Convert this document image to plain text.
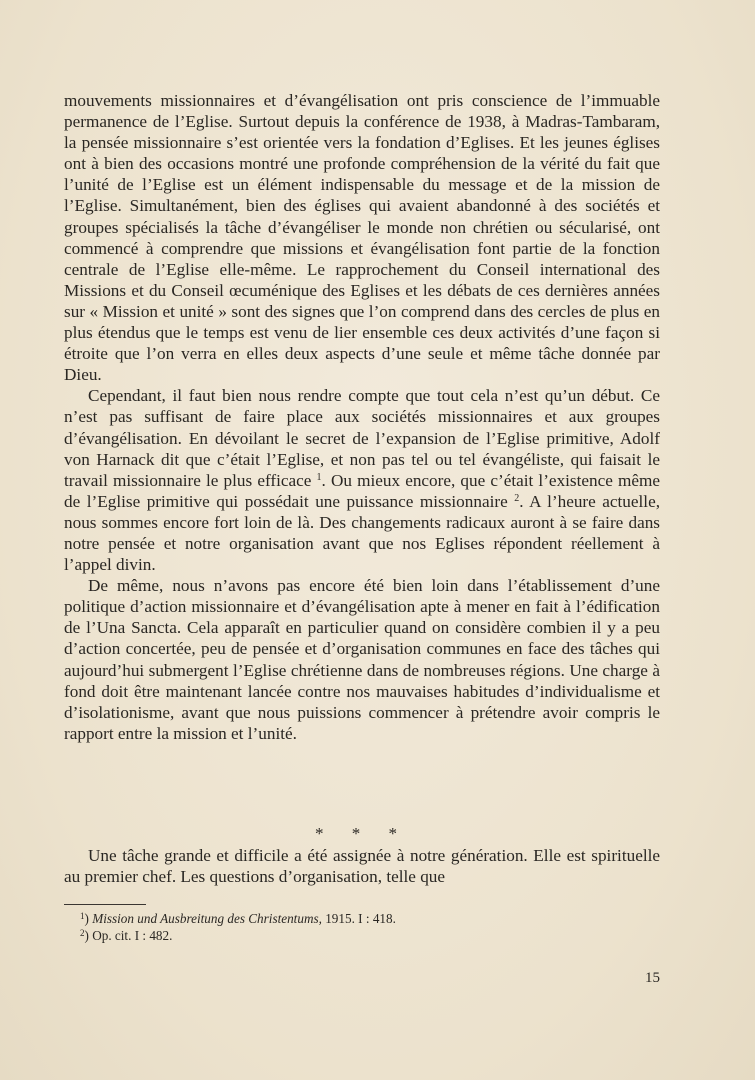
mouvements missionnaires et d’évangélisation ont pris conscience de l’immuable permanence de l’Eglise. Surtout depuis la conférence de 1938, à Madras-Tambaram, la pensée missionnaire s’est orientée vers la fondation d’Eglises. Et les jeunes églises ont à bien des occasions montré une profonde compréhension de la vérité du fait que l’unité de l’Eglise est un élément indispensable du message et de la mission de l’Eglise. Simultanément, bien des églises qui avaient abandonné à des sociétés et groupes spécialisés la tâche d’évangéliser le monde non chrétien ou sécularisé, ont commencé à comprendre que missions et évangélisation font partie de la fonction centrale de l’Eglise elle-même. Le rapprochement du Conseil international des Missions et du Conseil œcuménique des Eglises et les débats de ces dernières années sur « Mission et unité » sont des signes que l’on comprend dans des cercles de plus en plus étendus que le temps est venu de lier ensemble ces deux activités d’une façon si étroite que l’on verra en elles deux aspects d’une seule et même tâche donnée par Dieu.

Cependant, il faut bien nous rendre compte que tout cela n’est qu’un début. Ce n’est pas suffisant de faire place aux sociétés missionnaires et aux groupes d’évangélisation. En dévoilant le secret de l’expansion de l’Eglise primitive, Adolf von Harnack dit que c’était l’Eglise, et non pas tel ou tel évangéliste, qui faisait le travail missionnaire le plus efficace $^1$. Ou mieux encore, que c’était l’existence même de l’Eglise primitive qui possédait une puissance missionnaire $^2$. A l’heure actuelle, nous sommes encore fort loin de là. Des changements radicaux auront à se faire dans notre pensée et notre organisation avant que nos Eglises répondent réellement à l’appel divin.

De même, nous n’avons pas encore été bien loin dans l’établissement d’une politique d’action missionnaire et d’évangélisation apte à mener en fait à l’édification de l’Una Sancta. Cela apparaît en particulier quand on considère combien il y a peu d’action concertée, peu de pensée et d’organisation communes en face des tâches qui aujourd’hui submergent l’Eglise chrétienne dans de nombreuses régions. Une charge à fond doit être maintenant lancée contre nos mauvaises habitudes d’individualisme et d’isolationisme, avant que nous puissions commencer à prétendre avoir compris le rapport entre la mission et l’unité.

* * *

Une tâche grande et difficile a été assignée à notre génération. Elle est spirituelle au premier chef. Les questions d’organisation, telle que

$^1$) Mission und Ausbreitung des Christentums, 1915. I : 418.

$^2$) Op. cit. I : 482.

15
